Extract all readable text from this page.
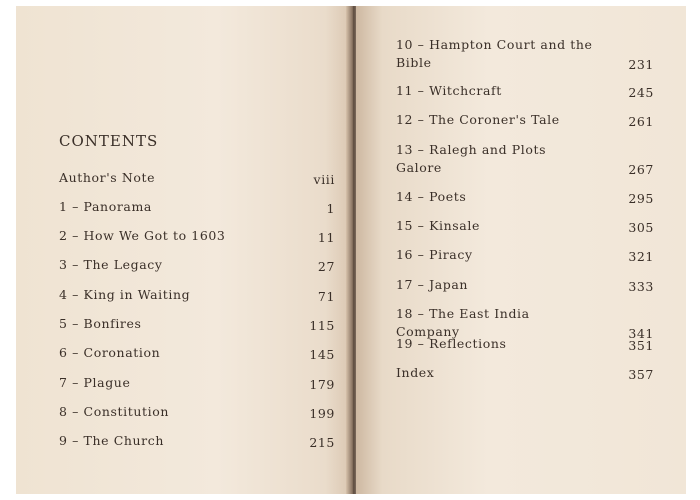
CONTENTS
Author's Note	viii
1 – Panorama	1
2 – How We Got to 1603	11
3 – The Legacy	27
4 – King in Waiting	71
5 – Bonfires	115
6 – Coronation	145
7 – Plague	179
8 – Constitution	199
9 – The Church	215
10 – Hampton Court and the Bible	231
11 – Witchcraft	245
12 – The Coroner's Tale	261
13 – Ralegh and Plots Galore	267
14 – Poets	295
15 – Kinsale	305
16 – Piracy	321
17 – Japan	333
18 – The East India Company	341
19 – Reflections	351
Index	357
